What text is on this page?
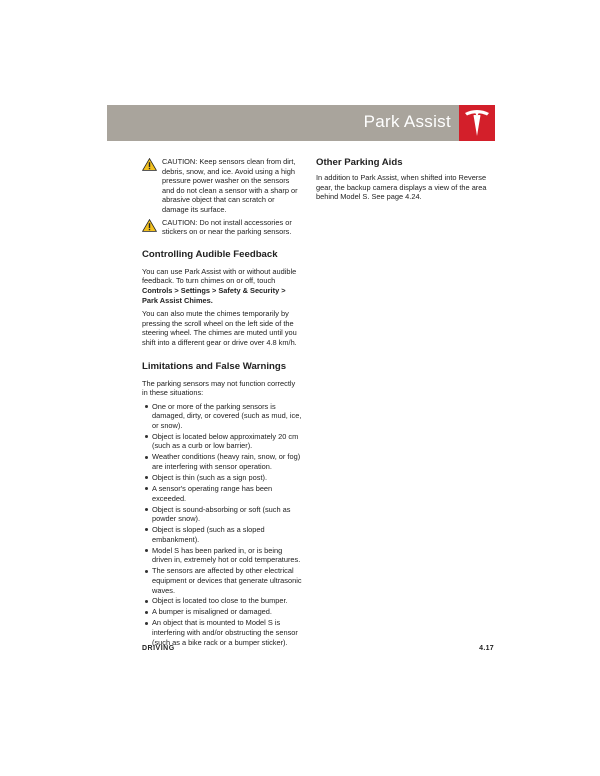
Park Assist

CAUTION: Keep sensors clean from dirt, debris, snow, and ice. Avoid using a high pressure power washer on the sensors and do not clean a sensor with a sharp or abrasive object that can scratch or damage its surface.

CAUTION: Do not install accessories or stickers on or near the parking sensors.

Controlling Audible Feedback

You can use Park Assist with or without audible feedback. To turn chimes on or off, touch Controls > Settings > Safety & Security > Park Assist Chimes.

You can also mute the chimes temporarily by pressing the scroll wheel on the left side of the steering wheel. The chimes are muted until you shift into a different gear or drive over 4.8 km/h.

Limitations and False Warnings

The parking sensors may not function correctly in these situations:

One or more of the parking sensors is damaged, dirty, or covered (such as mud, ice, or snow).
Object is located below approximately 20 cm (such as a curb or low barrier).
Weather conditions (heavy rain, snow, or fog) are interfering with sensor operation.
Object is thin (such as a sign post).
A sensor's operating range has been exceeded.
Object is sound-absorbing or soft (such as powder snow).
Object is sloped (such as a sloped embankment).
Model S has been parked in, or is being driven in, extremely hot or cold temperatures.
The sensors are affected by other electrical equipment or devices that generate ultrasonic waves.
Object is located too close to the bumper.
A bumper is misaligned or damaged.
An object that is mounted to Model S is interfering with and/or obstructing the sensor (such as a bike rack or a bumper sticker).
Other Parking Aids

In addition to Park Assist, when shifted into Reverse gear, the backup camera displays a view of the area behind Model S. See page 4.24.

DRIVING	4.17
